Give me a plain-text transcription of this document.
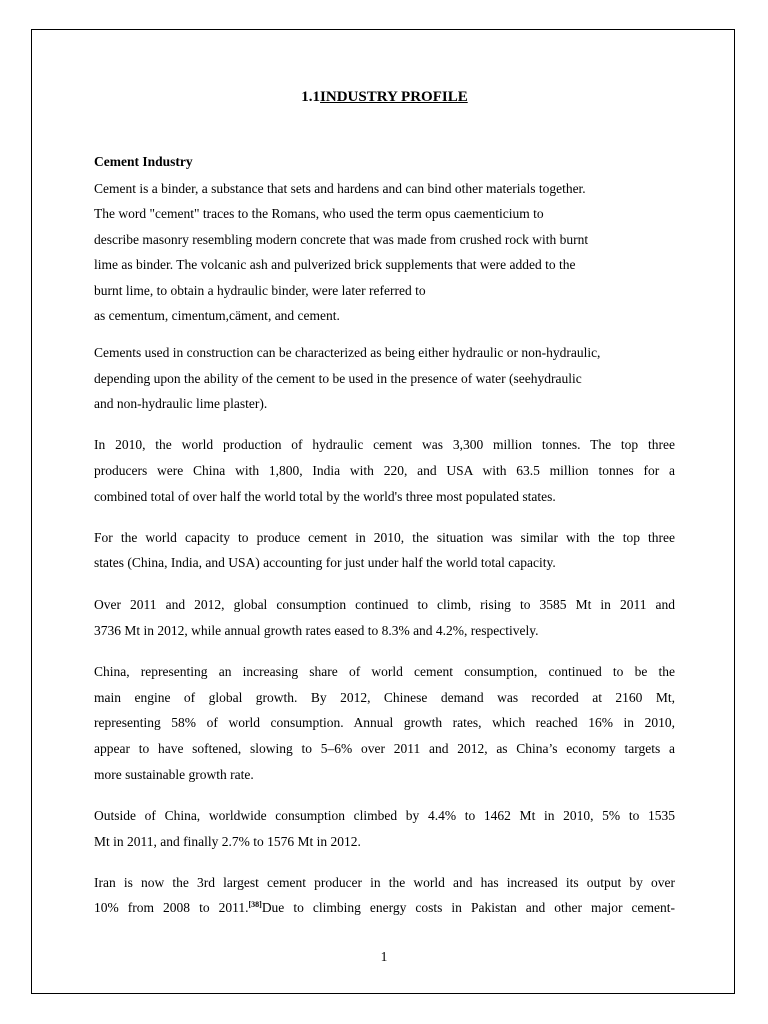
1.1INDUSTRY PROFILE
Cement Industry
Cement is a binder, a substance that sets and hardens and can bind other materials together.
The word "cement" traces to the Romans, who used the term opus caementicium to
describe masonry resembling modern concrete that was made from crushed rock with burnt
lime as binder. The volcanic ash and pulverized brick supplements that were added to the
burnt lime, to obtain a hydraulic binder, were later referred to
as cementum, cimentum,cäment, and cement.
Cements used in construction can be characterized as being either hydraulic or non-hydraulic,
depending upon the ability of the cement to be used in the presence of water (seehydraulic
and non-hydraulic lime plaster).
In 2010, the world production of hydraulic cement was 3,300 million tonnes. The top three
producers were China with 1,800, India with 220, and USA with 63.5 million tonnes for a
combined total of over half the world total by the world's three most populated states.
For the world capacity to produce cement in 2010, the situation was similar with the top three
states (China, India, and USA) accounting for just under half the world total capacity.
Over 2011 and 2012, global consumption continued to climb, rising to 3585 Mt in 2011 and
3736 Mt in 2012, while annual growth rates eased to 8.3% and 4.2%, respectively.
China, representing an increasing share of world cement consumption, continued to be the
main engine of global growth. By 2012, Chinese demand was recorded at 2160 Mt,
representing 58% of world consumption. Annual growth rates, which reached 16% in 2010,
appear to have softened, slowing to 5–6% over 2011 and 2012, as China’s economy targets a
more sustainable growth rate.
Outside of China, worldwide consumption climbed by 4.4% to 1462 Mt in 2010, 5% to 1535
Mt in 2011, and finally 2.7% to 1576 Mt in 2012.
Iran is now the 3rd largest cement producer in the world and has increased its output by over
10% from 2008 to 2011.[38]Due to climbing energy costs in Pakistan and other major cement-
1
